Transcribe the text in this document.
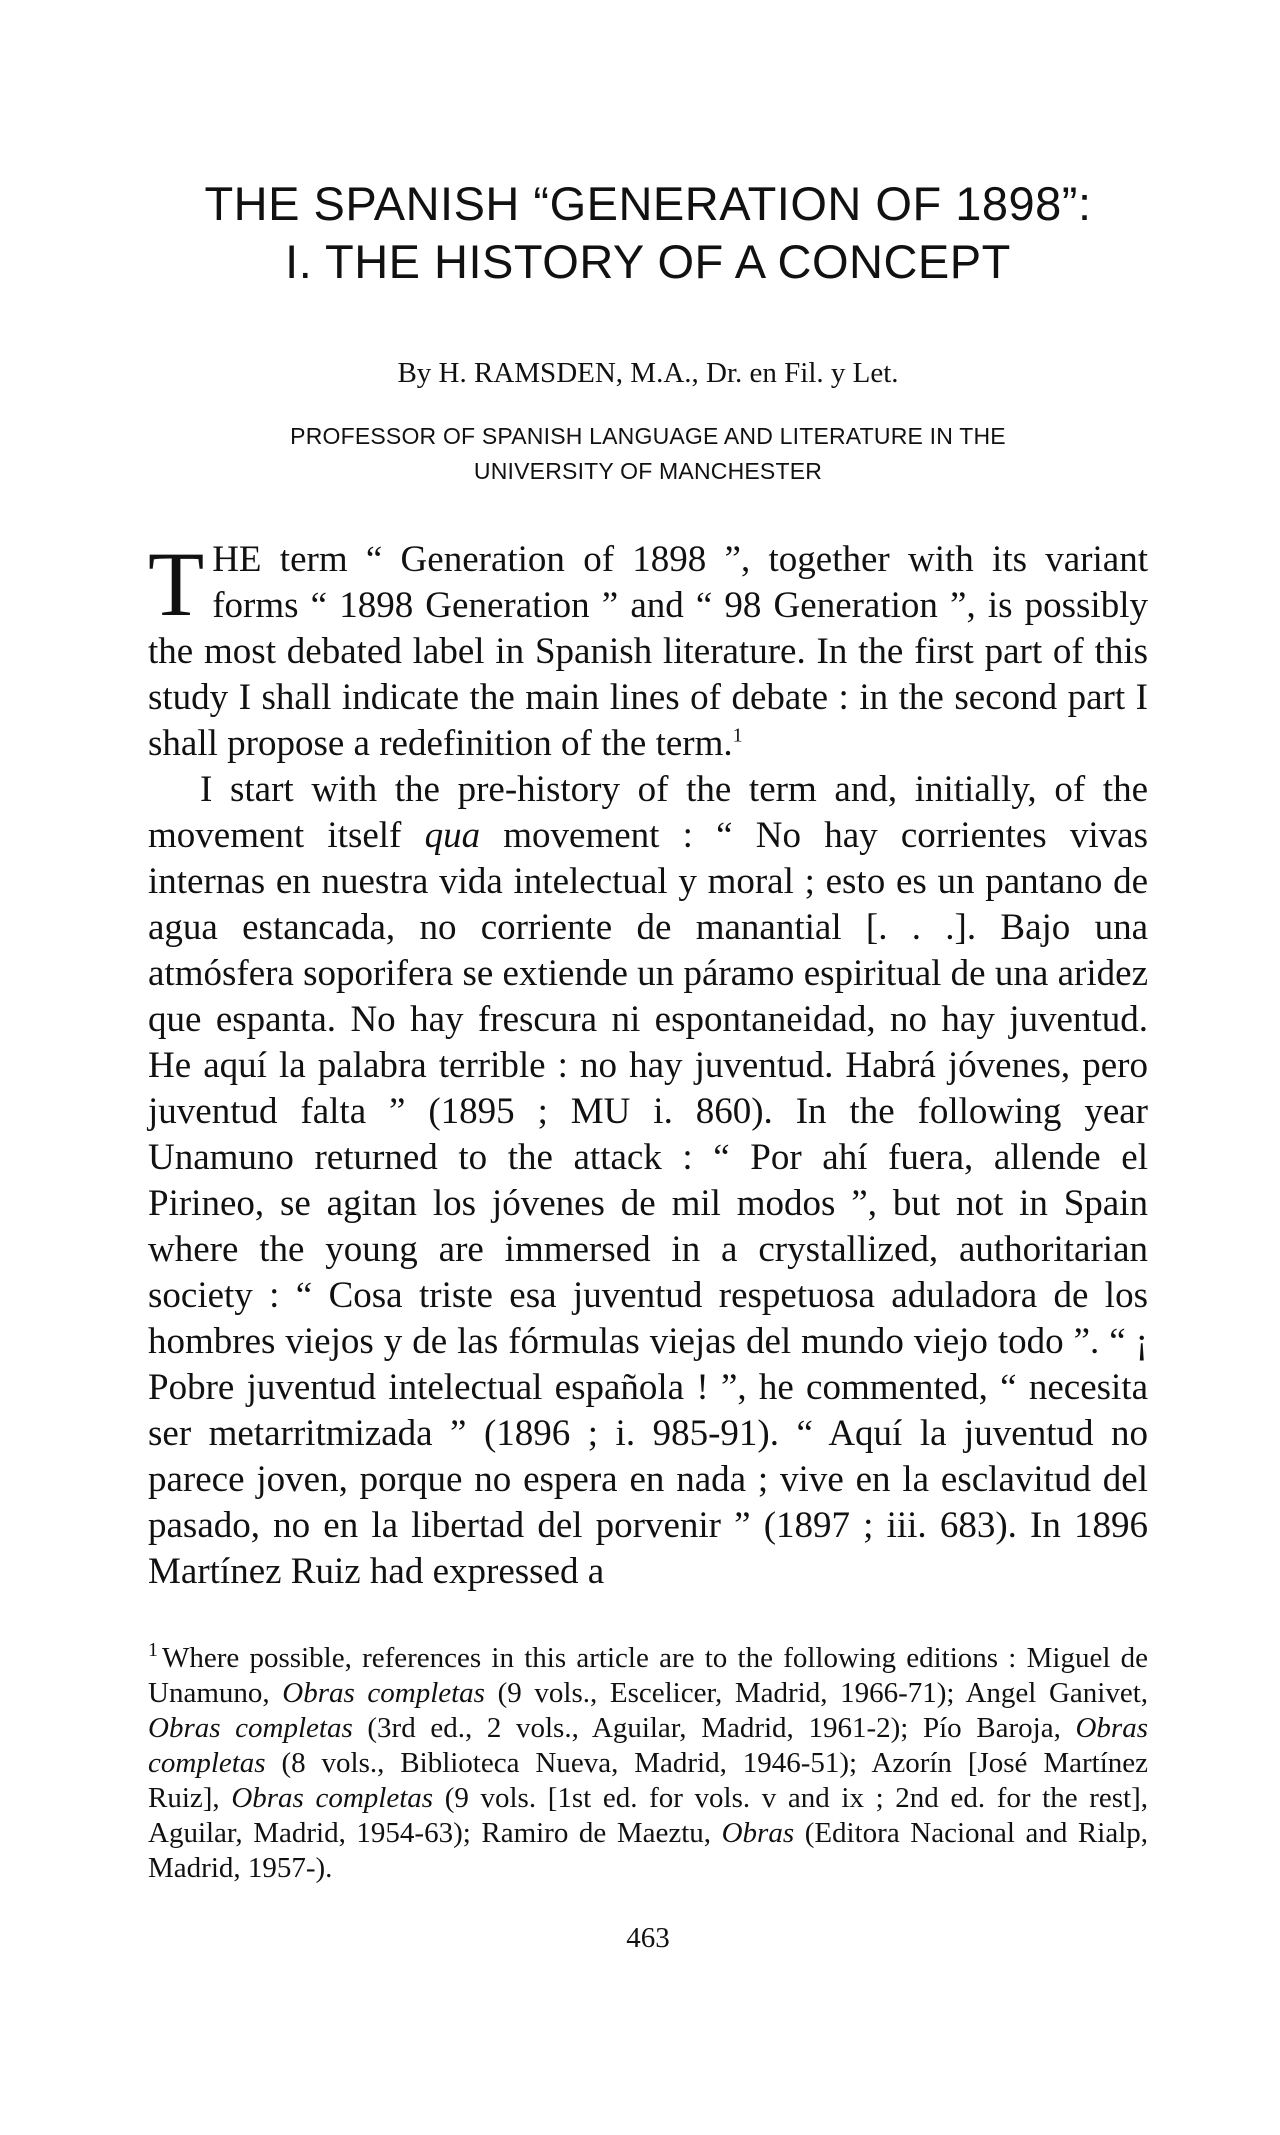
THE SPANISH “GENERATION OF 1898”:
I. THE HISTORY OF A CONCEPT
By H. RAMSDEN, M.A., Dr. en Fil. y Let.
PROFESSOR OF SPANISH LANGUAGE AND LITERATURE IN THE
UNIVERSITY OF MANCHESTER

THE term “ Generation of 1898 ”, together with its variant forms “ 1898 Generation ” and “ 98 Generation ”, is possibly the most debated label in Spanish literature. In the first part of this study I shall indicate the main lines of debate : in the second part I shall propose a redefinition of the term.$^1$

I start with the pre-history of the term and, initially, of the movement itself qua movement : “ No hay corrientes vivas internas en nuestra vida intelectual y moral ; esto es un pantano de agua estancada, no corriente de manantial [. . .]. Bajo una atmósfera soporifera se extiende un páramo espiritual de una aridez que espanta. No hay frescura ni espontaneidad, no hay juventud. He aquí la palabra terrible : no hay juventud. Habrá jóvenes, pero juventud falta ” (1895 ; MU i. 860). In the following year Unamuno returned to the attack : “ Por ahí fuera, allende el Pirineo, se agitan los jóvenes de mil modos ”, but not in Spain where the young are immersed in a crystallized, authoritarian society : “ Cosa triste esa juventud respetuosa aduladora de los hombres viejos y de las fórmulas viejas del mundo viejo todo ”. “ ¡ Pobre juventud intelectual española ! ”, he commented, “ necesita ser metarritmizada ” (1896 ; i. 985-91). “ Aquí la juventud no parece joven, porque no espera en nada ; vive en la esclavitud del pasado, no en la libertad del porvenir ” (1897 ; iii. 683). In 1896 Martínez Ruiz had expressed a

$^1$ Where possible, references in this article are to the following editions : Miguel de Unamuno, Obras completas (9 vols., Escelicer, Madrid, 1966-71); Angel Ganivet, Obras completas (3rd ed., 2 vols., Aguilar, Madrid, 1961-2); Pío Baroja, Obras completas (8 vols., Biblioteca Nueva, Madrid, 1946-51); Azorín [José Martínez Ruiz], Obras completas (9 vols. [1st ed. for vols. v and ix ; 2nd ed. for the rest], Aguilar, Madrid, 1954-63); Ramiro de Maeztu, Obras (Editora Nacional and Rialp, Madrid, 1957-).
463
